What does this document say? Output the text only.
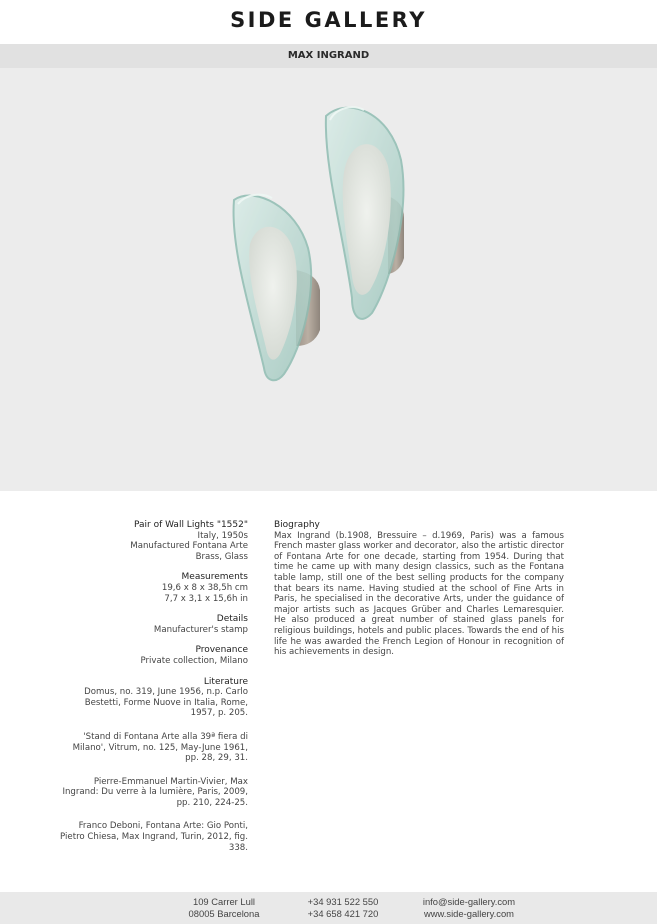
SIDE GALLERY
MAX INGRAND
Pair of Wall Lights "1552"
Italy, 1950s
Manufactured Fontana Arte
Brass, Glass
Measurements
19,6 x 8 x 38,5h cm
7,7 x 3,1 x 15,6h in
Details
Manufacturer's stamp
Provenance
Private collection, Milano
Literature
Domus, no. 319, June 1956, n.p. Carlo Bestetti, Forme Nuove in Italia, Rome, 1957, p. 205.
'Stand di Fontana Arte alla 39ª fiera di Milano', Vitrum, no. 125, May-June 1961, pp. 28, 29, 31.
Pierre-Emmanuel Martin-Vivier, Max Ingrand: Du verre à la lumière, Paris, 2009, pp. 210, 224-25.
Franco Deboni, Fontana Arte: Gio Ponti, Pietro Chiesa, Max Ingrand, Turin, 2012, fig. 338.
Biography
Max Ingrand (b.1908, Bressuire – d.1969, Paris) was a famous French master glass worker and decorator, also the artistic director of Fontana Arte for one decade, starting from 1954. During that time he came up with many design classics, such as the Fontana table lamp, still one of the best selling products for the company that bears its name. Having studied at the school of Fine Arts in Paris, he specialised in the decorative Arts, under the guidance of major artists such as Jacques Grüber and Charles Lemaresquier. He also produced a great number of stained glass panels for religious buildings, hotels and public places. Towards the end of his life he was awarded the French Legion of Honour in recognition of his achievements in design.
109 Carrer Lull
08005 Barcelona
+34 931 522 550
+34 658 421 720
info@side-gallery.com
www.side-gallery.com
